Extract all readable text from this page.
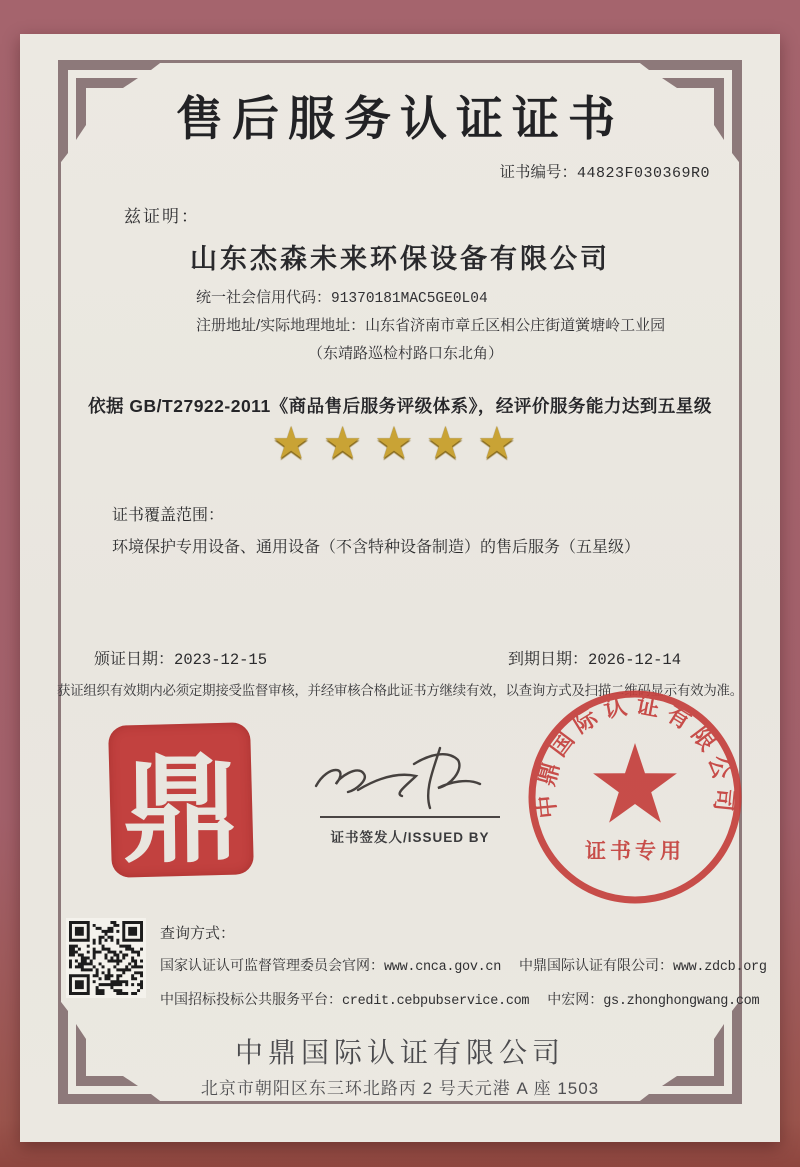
售后服务认证证书
证书编号：44823F030369R0
兹证明：
山东杰森未来环保设备有限公司
统一社会信用代码：91370181MAC5GE0L04
注册地址/实际地理地址：山东省济南市章丘区相公庄街道黉塘岭工业园
（东靖路巡检村路口东北角）
依据 GB/T27922-2011《商品售后服务评级体系》，经评价服务能力达到五星级
★★★★★
证书覆盖范围：
环境保护专用设备、通用设备（不含特种设备制造）的售后服务（五星级）
颁证日期：2023-12-15	到期日期：2026-12-14
获证组织有效期内必须定期接受监督审核，并经审核合格此证书方继续有效，以查询方式及扫描二维码显示有效为准。
鼎	证书签发人/ISSUED BY
中鼎国际认证有限公司
证书专用
查询方式：
国家认证认可监督管理委员会官网：www.cnca.gov.cn 中鼎国际认证有限公司：www.zdcb.org
中国招标投标公共服务平台：credit.cebpubservice.com 中宏网：gs.zhonghongwang.com
中鼎国际认证有限公司
北京市朝阳区东三环北路丙 2 号天元港 A 座 1503
